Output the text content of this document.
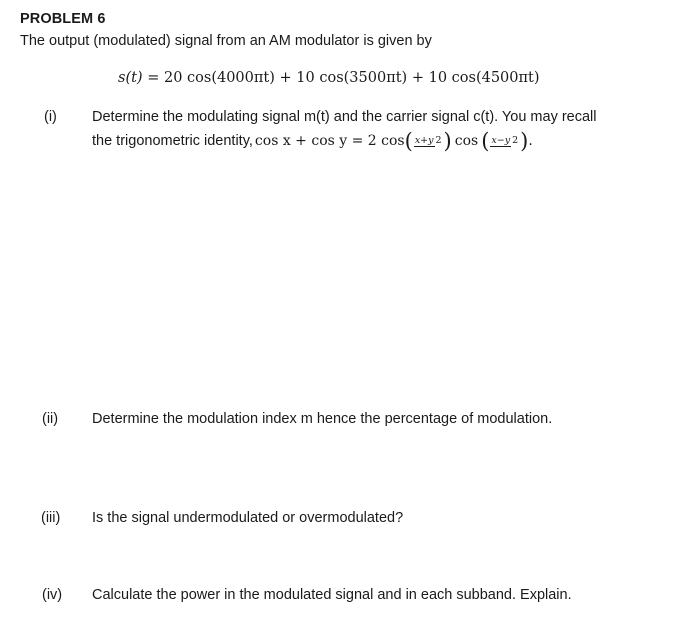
PROBLEM 6
The output (modulated) signal from an AM modulator is given by
s(t) = 20 cos(4000πt) + 10 cos(3500πt) + 10 cos(4500πt)
(i) Determine the modulating signal m(t) and the carrier signal c(t). You may recall
the trigonometric identity, cos x + cos y = 2 cos ( x+y 2 ) cos ( x−y 2 ) .
(ii) Determine the modulation index m hence the percentage of modulation.
(iii) Is the signal undermodulated or overmodulated?
(iv) Calculate the power in the modulated signal and in each subband. Explain.
